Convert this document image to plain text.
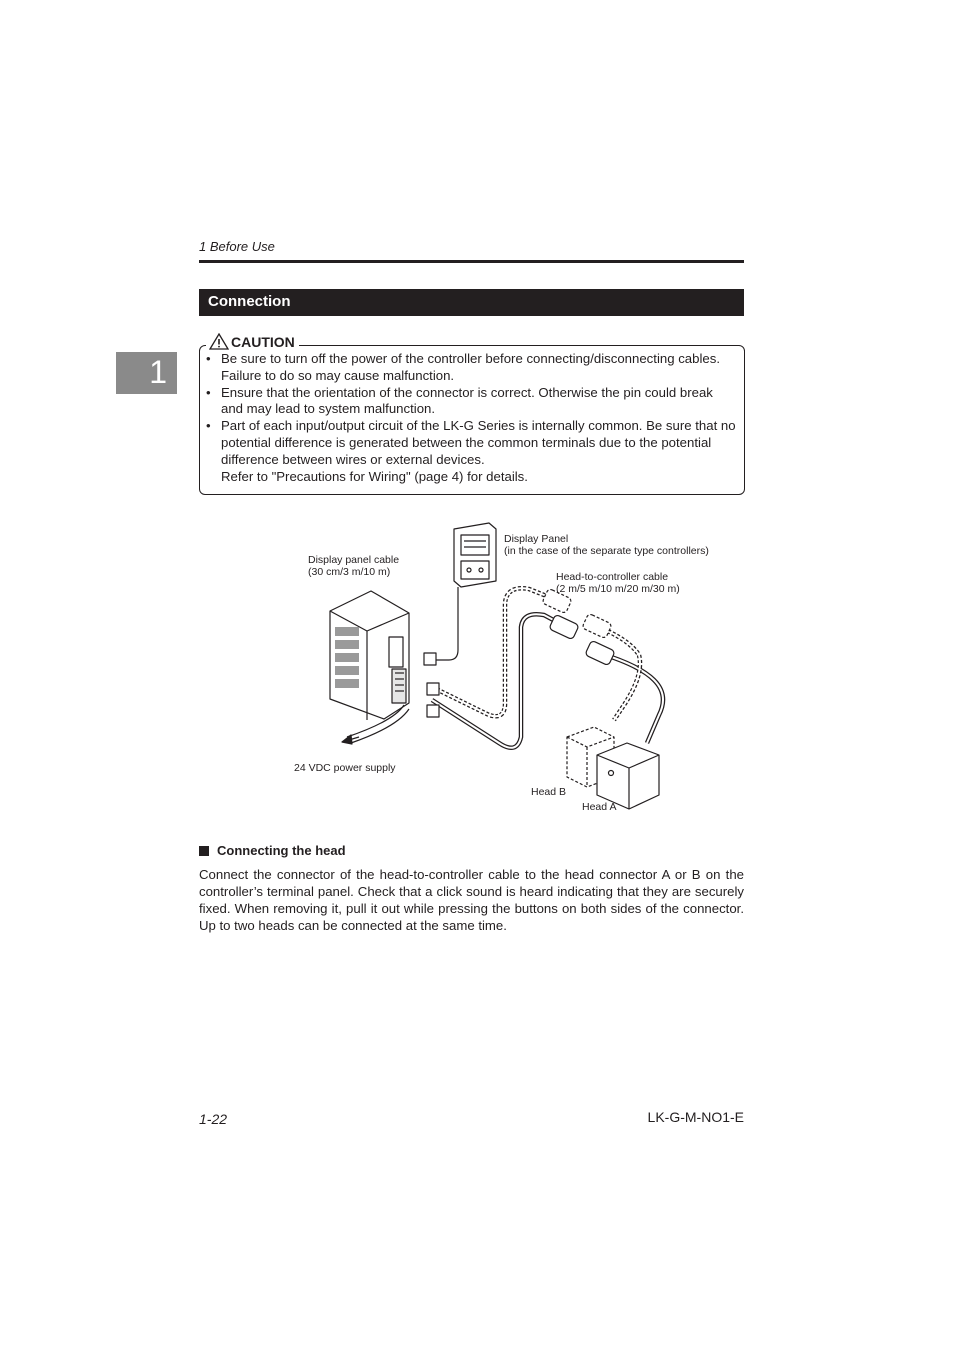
1 Before Use
1
Connection
CAUTION
• Be sure to turn off the power of the controller before connecting/disconnecting cables. Failure to do so may cause malfunction.
• Ensure that the orientation of the connector is correct. Otherwise the pin could break and may lead to system malfunction.
• Part of each input/output circuit of the LK-G Series is internally common. Be sure that no potential difference is generated between the common terminals due to the potential difference between wires or external devices.
Refer to "Precautions for Wiring" (page 4) for details.
Display Panel
(in the case of the separate type controllers)
Display panel cable
(30 cm/3 m/10 m)	Head-to-controller cable
(2 m/5 m/10 m/20 m/30 m)
24 VDC power supply
Head B
Head A
Connecting the head
Connect the connector of the head-to-controller cable to the head connector A or B on the controller’s terminal panel. Check that a click sound is heard indicating that they are securely fixed. When removing it, pull it out while pressing the buttons on both sides of the connector. Up to two heads can be connected at the same time.
1-22	LK-G-M-NO1-E
